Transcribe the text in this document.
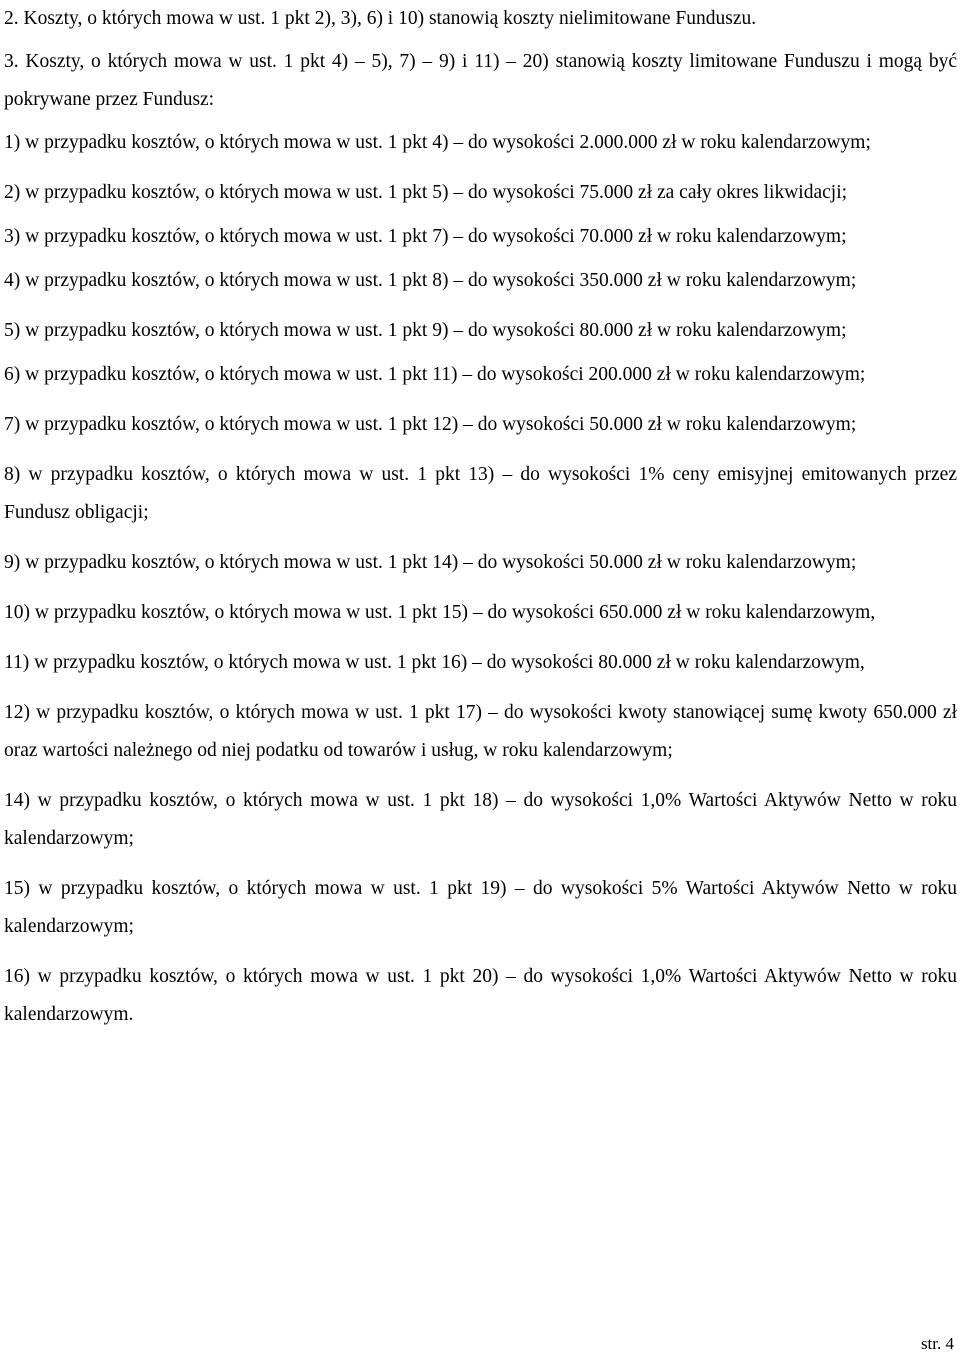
2. Koszty, o których mowa w ust. 1 pkt 2), 3), 6) i 10) stanowią koszty nielimitowane Funduszu.

3. Koszty, o których mowa w ust. 1 pkt 4) – 5), 7) – 9) i 11) – 20) stanowią koszty limitowane Funduszu i mogą być pokrywane przez Fundusz:

1) w przypadku kosztów, o których mowa w ust. 1 pkt 4) – do wysokości 2.000.000 zł w roku kalendarzowym;

2) w przypadku kosztów, o których mowa w ust. 1 pkt 5) – do wysokości 75.000 zł za cały okres likwidacji;

3) w przypadku kosztów, o których mowa w ust. 1 pkt 7) – do wysokości 70.000 zł w roku kalendarzowym;

4) w przypadku kosztów, o których mowa w ust. 1 pkt 8) – do wysokości 350.000 zł w roku kalendarzowym;

5) w przypadku kosztów, o których mowa w ust. 1 pkt 9) – do wysokości 80.000 zł w roku kalendarzowym;

6) w przypadku kosztów, o których mowa w ust. 1 pkt 11) – do wysokości 200.000 zł w roku kalendarzowym;

7) w przypadku kosztów, o których mowa w ust. 1 pkt 12) – do wysokości 50.000 zł w roku kalendarzowym;

8) w przypadku kosztów, o których mowa w ust. 1 pkt 13) – do wysokości 1% ceny emisyjnej emitowanych przez Fundusz obligacji;

9) w przypadku kosztów, o których mowa w ust. 1 pkt 14) – do wysokości 50.000 zł w roku kalendarzowym;

10) w przypadku kosztów, o których mowa w ust. 1 pkt 15) – do wysokości 650.000 zł w roku kalendarzowym,

11) w przypadku kosztów, o których mowa w ust. 1 pkt 16) – do wysokości 80.000 zł w roku kalendarzowym,

12) w przypadku kosztów, o których mowa w ust. 1 pkt 17) – do wysokości kwoty stanowiącej sumę kwoty 650.000 zł oraz wartości należnego od niej podatku od towarów i usług, w roku kalendarzowym;

14) w przypadku kosztów, o których mowa w ust. 1 pkt 18) – do wysokości 1,0% Wartości Aktywów Netto w roku kalendarzowym;

15) w przypadku kosztów, o których mowa w ust. 1 pkt 19) – do wysokości 5% Wartości Aktywów Netto w roku kalendarzowym;

16) w przypadku kosztów, o których mowa w ust. 1 pkt 20) – do wysokości 1,0% Wartości Aktywów Netto w roku kalendarzowym.

str. 4
